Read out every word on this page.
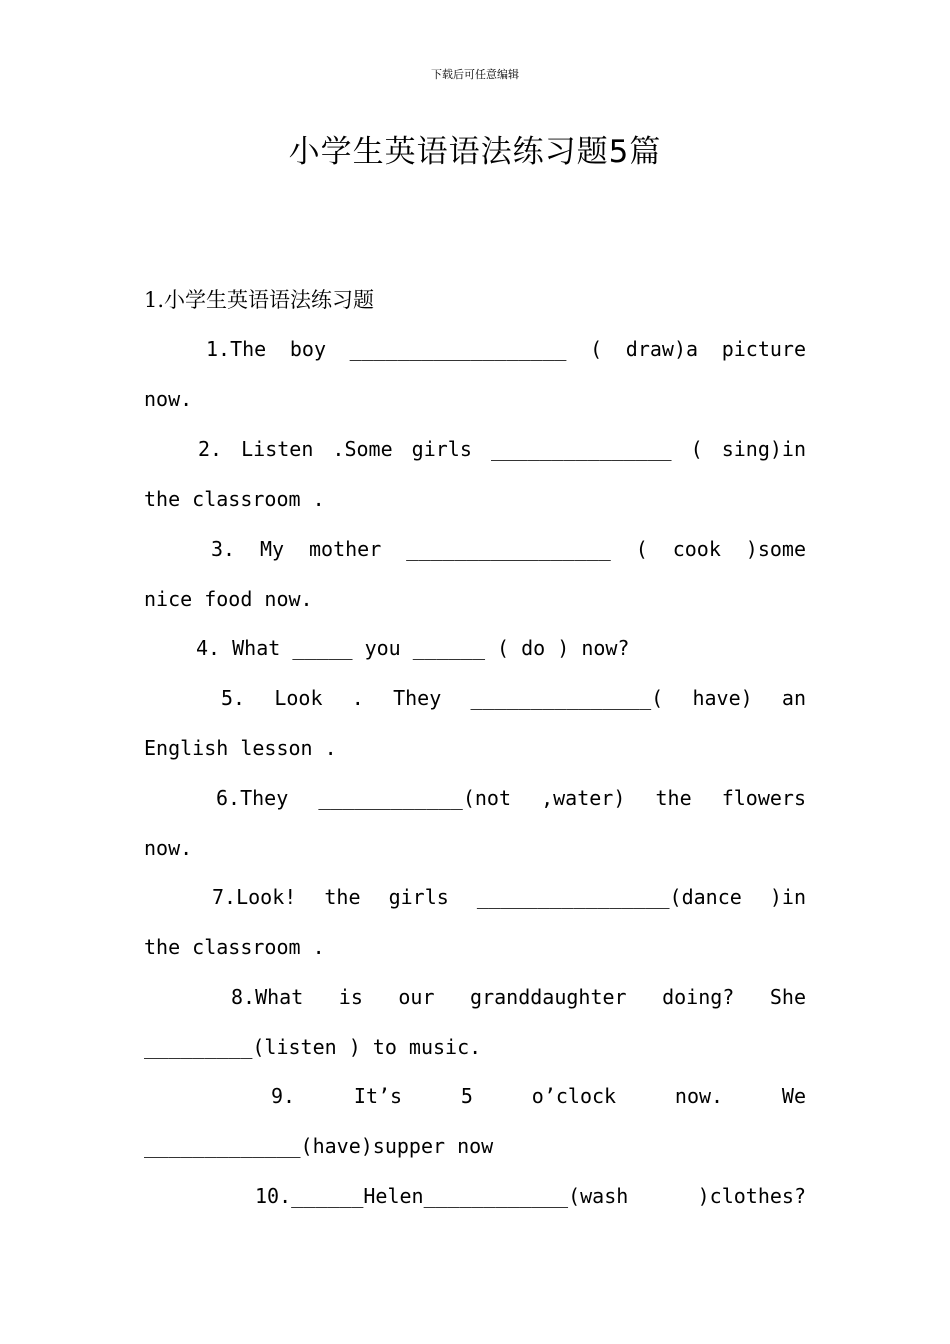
下载后可任意编辑
小学生英语语法练习题5篇
1.小学生英语语法练习题
1.The boy __________________ ( draw)a picture
now.
2. Listen .Some girls _______________ ( sing)in
the classroom .
3. My mother _________________ ( cook )some
nice food now.
4. What _____ you ______ ( do ) now?
5. Look . They _______________( have) an
English lesson .
6.They ____________(not ,water) the flowers
now.
7.Look! the girls ________________(dance )in
the classroom .
8.What is our granddaughter doing? She
_________(listen ) to music.
9. It’s 5 o’clock now. We
_____________(have)supper now
10.______Helen____________(wash )clothes?
